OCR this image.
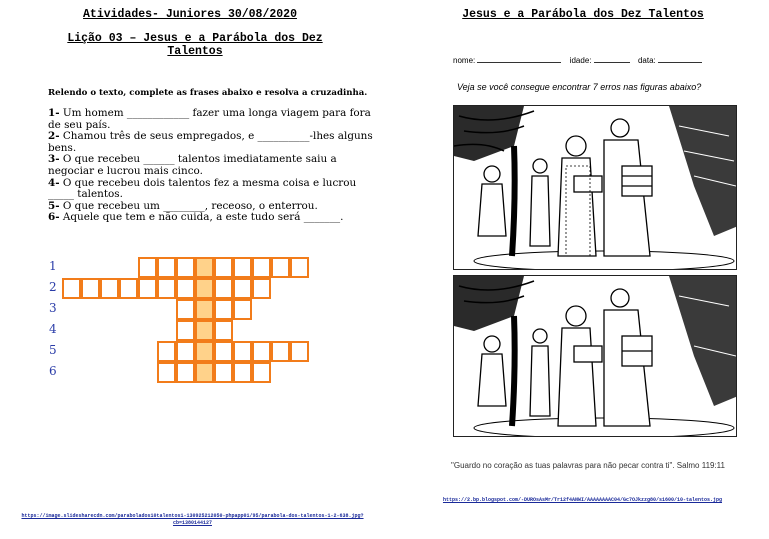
Atividades- Juniores 30/08/2020
Lição 03 – Jesus e a Parábola dos Dez Talentos
Relendo o texto, complete as frases abaixo e resolva a cruzadinha.

1- Um homem ____________ fazer uma longa viagem para fora de seu país.

2- Chamou três de seus empregados, e __________-lhes alguns bens.

3- O que recebeu ______ talentos imediatamente saiu a negociar e lucrou mais cinco.

4- O que recebeu dois talentos fez a mesma coisa e lucrou _____ talentos.

5- O que recebeu um ________, receoso, o enterrou.

6- Aquele que tem e não cuida, a este tudo será _______.

1
2
3
4
5
6
https://image.slidesharecdn.com/parabolados10talentos1-130925212050-phpapp01/95/parabola-dos-talentos-1-2-638.jpg?cb=1380144127
Jesus e a Parábola dos Dez Talentos
nome:	idade:	data:
Veja se você consegue encontrar 7 erros nas figuras abaixo?
"Guardo no coração as tuas palavras para não pecar contra ti". Salmo 119:11
https://2.bp.blogspot.com/-DUROsAsMr/Tr12f4ANWI/AAAAAAAAC04/Gc7OJkzzg80/s1600/10-talentos.jpg
